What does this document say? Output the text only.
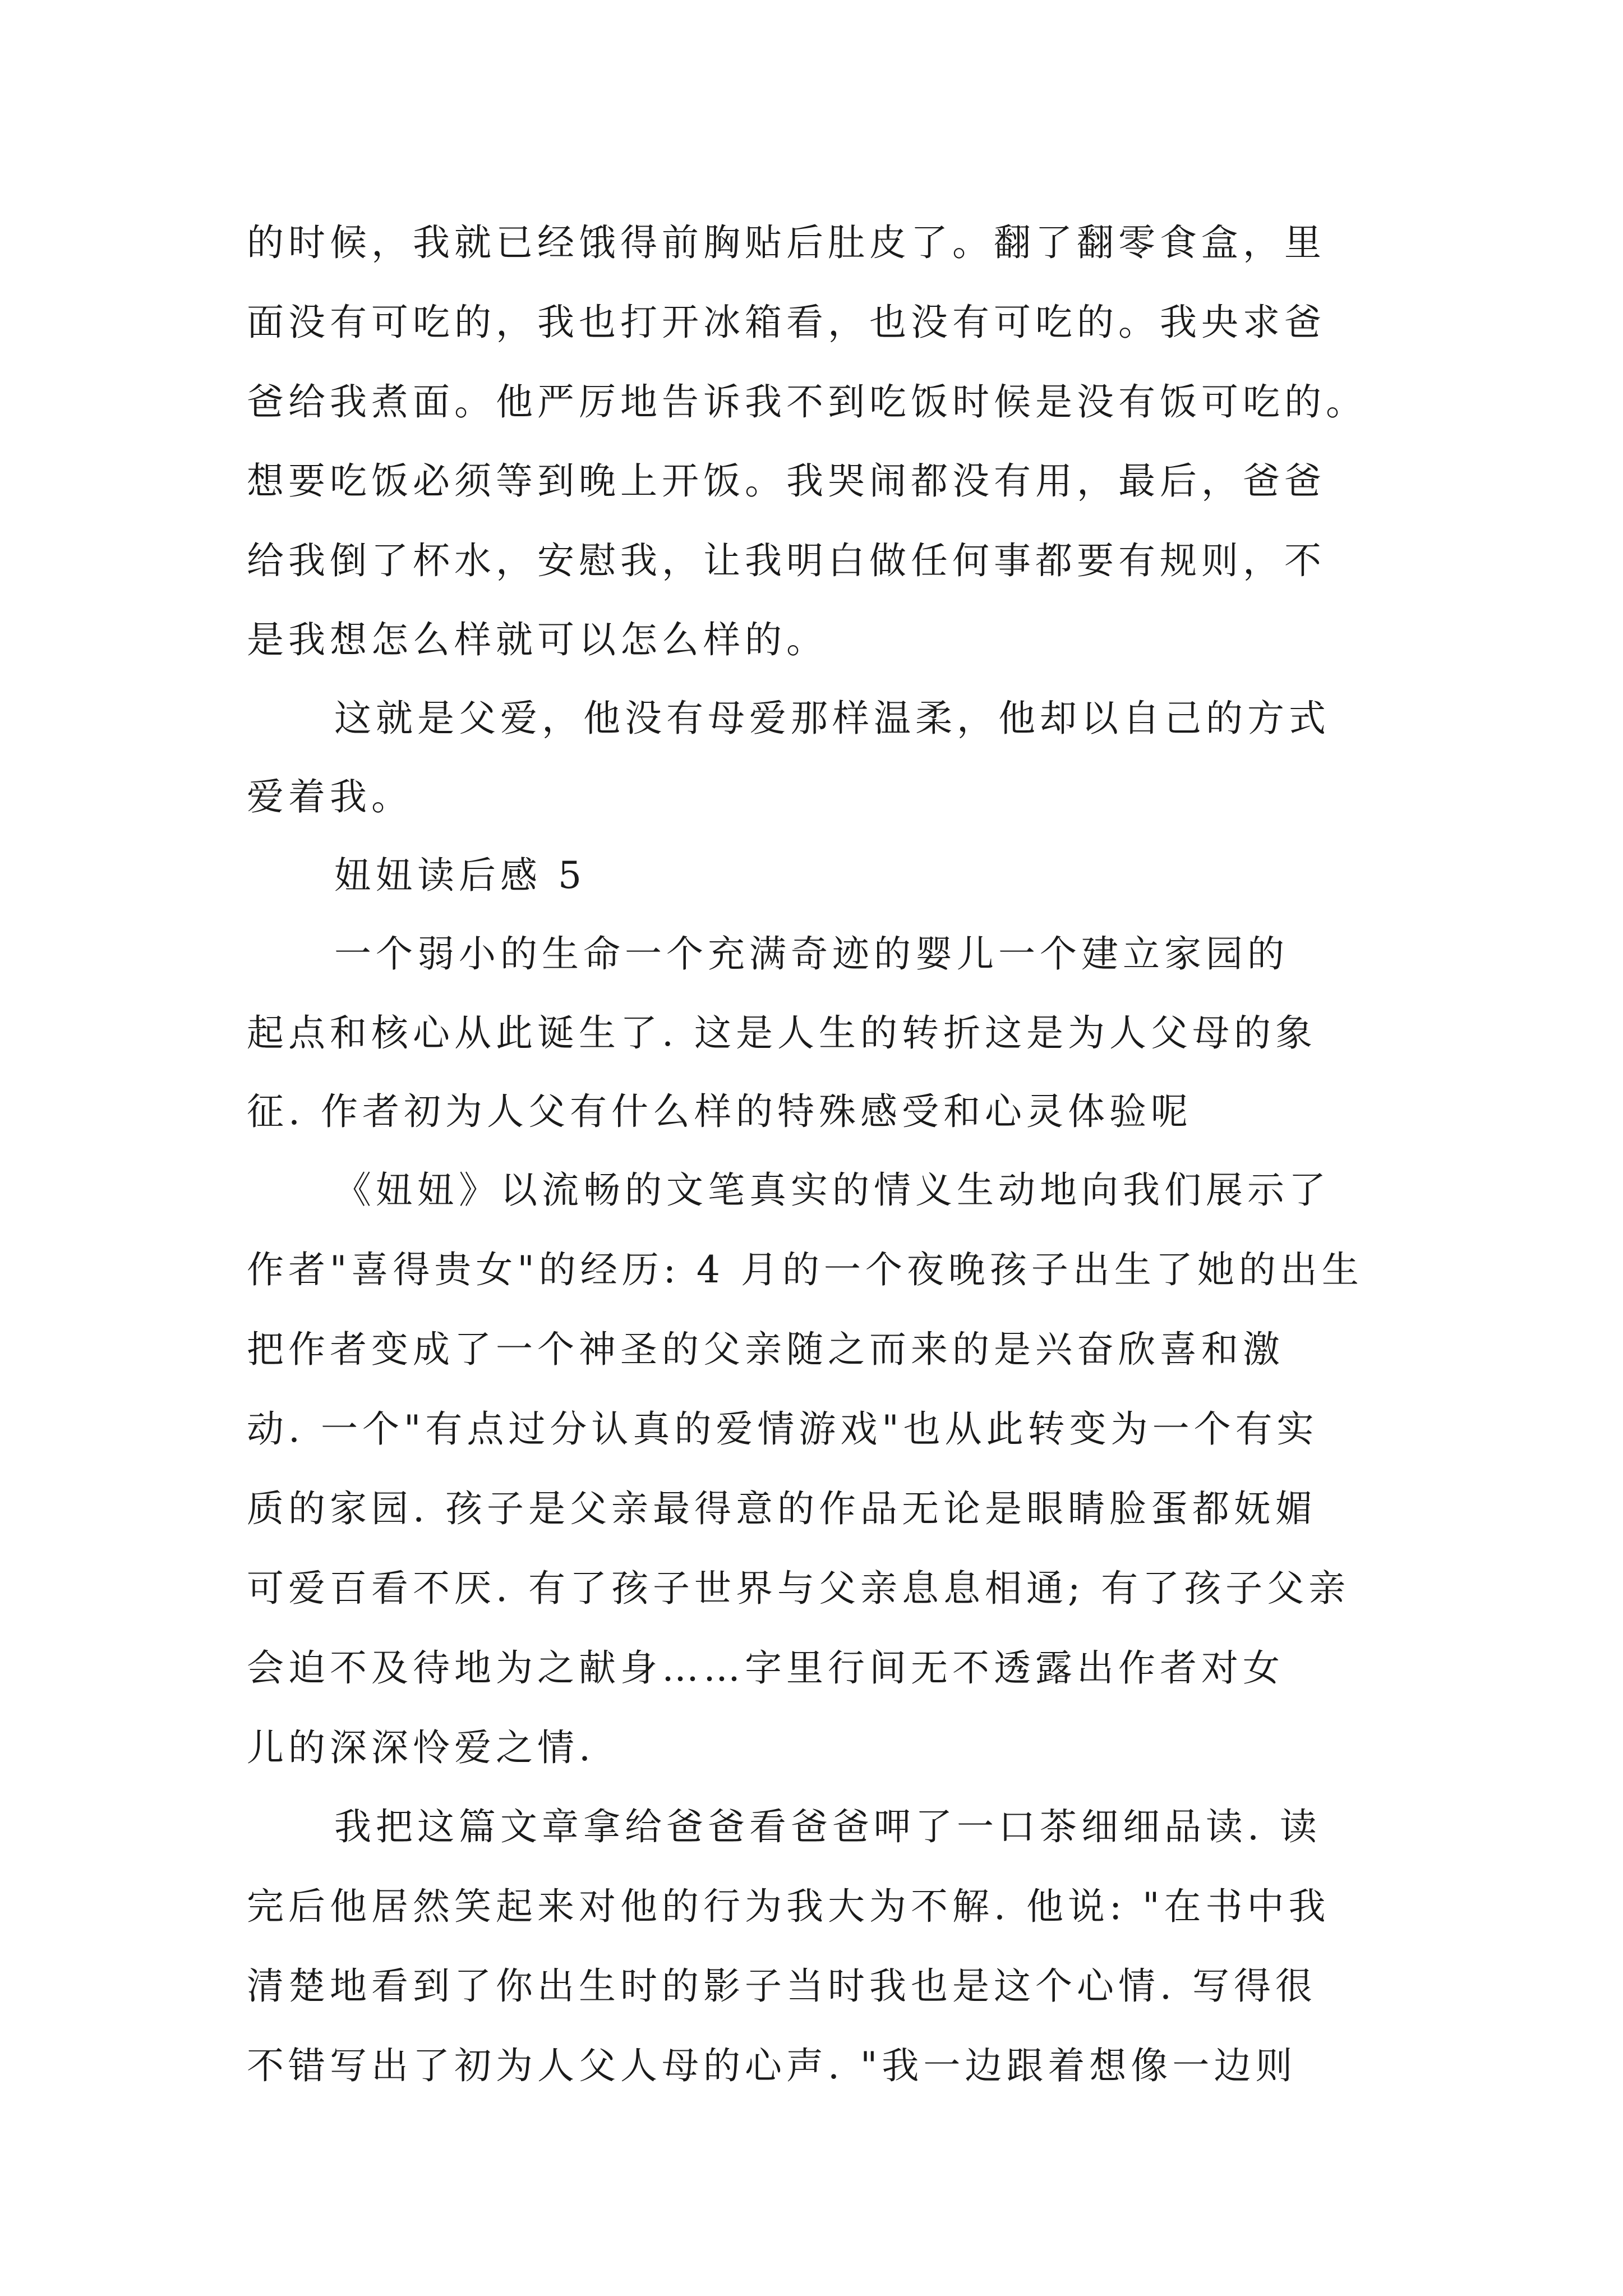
的时候，我就已经饿得前胸贴后肚皮了。翻了翻零食盒，里
面没有可吃的，我也打开冰箱看，也没有可吃的。我央求爸
爸给我煮面。他严厉地告诉我不到吃饭时候是没有饭可吃的。
想要吃饭必须等到晚上开饭。我哭闹都没有用，最后，爸爸
给我倒了杯水，安慰我，让我明白做任何事都要有规则，不
是我想怎么样就可以怎么样的。
这就是父爱，他没有母爱那样温柔，他却以自己的方式
爱着我。
妞妞读后感 5
一个弱小的生命一个充满奇迹的婴儿一个建立家园的
起点和核心从此诞生了. 这是人生的转折这是为人父母的象
征. 作者初为人父有什么样的特殊感受和心灵体验呢
《妞妞》以流畅的文笔真实的情义生动地向我们展示了
作者"喜得贵女"的经历: 4 月的一个夜晚孩子出生了她的出生
把作者变成了一个神圣的父亲随之而来的是兴奋欣喜和激
动. 一个"有点过分认真的爱情游戏"也从此转变为一个有实
质的家园. 孩子是父亲最得意的作品无论是眼睛脸蛋都妩媚
可爱百看不厌. 有了孩子世界与父亲息息相通; 有了孩子父亲
会迫不及待地为之献身……字里行间无不透露出作者对女
儿的深深怜爱之情.
我把这篇文章拿给爸爸看爸爸呷了一口茶细细品读. 读
完后他居然笑起来对他的行为我大为不解. 他说: "在书中我
清楚地看到了你出生时的影子当时我也是这个心情. 写得很
不错写出了初为人父人母的心声. "我一边跟着想像一边则
